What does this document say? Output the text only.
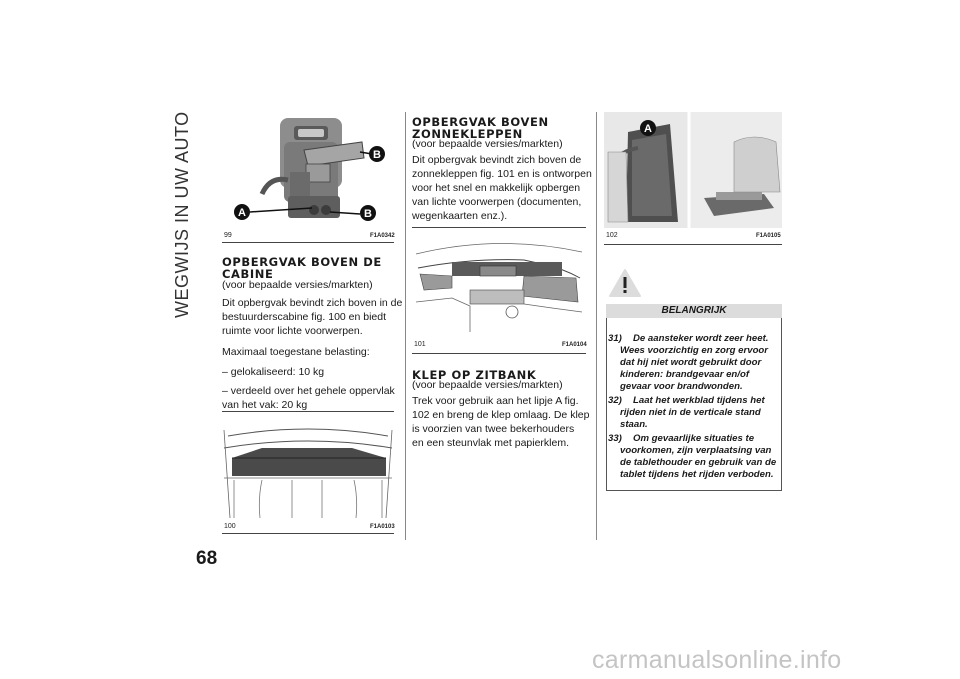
WEGWIJS IN UW AUTO	A	B
B
99	F1A0342
OPBERGVAK BOVEN DE
CABINE
(voor bepaalde versies/markten)
Dit opbergvak bevindt zich boven in de
bestuurderscabine fig. 100 en biedt
ruimte voor lichte voorwerpen.
Maximaal toegestane belasting:
– gelokaliseerd: 10 kg
– verdeeld over het gehele oppervlak
van het vak: 20 kg
100	F1A0103
OPBERGVAK BOVEN
ZONNEKLEPPEN
(voor bepaalde versies/markten)
Dit opbergvak bevindt zich boven de
zonnekleppen fig. 101 en is ontworpen
voor het snel en makkelijk opbergen
van lichte voorwerpen (documenten,
wegenkaarten enz.).
101	F1A0104
KLEP OP ZITBANK
(voor bepaalde versies/markten)
Trek voor gebruik aan het lipje A fig.
102 en breng de klep omlaag. De klep
is voorzien van twee bekerhouders
en een steunvlak met papierklem.
A
102	F1A0105
BELANGRIJK
31) De aansteker wordt zeer heet.
Wees voorzichtig en zorg ervoor
dat hij niet wordt gebruikt door
kinderen: brandgevaar en/of
gevaar voor brandwonden.
32) Laat het werkblad tijdens het
rijden niet in de verticale stand
staan.
33) Om gevaarlijke situaties te
voorkomen, zijn verplaatsing van
de tablethouder en gebruik van de
tablet tijdens het rijden verboden.
68
carmanualsonline.info
